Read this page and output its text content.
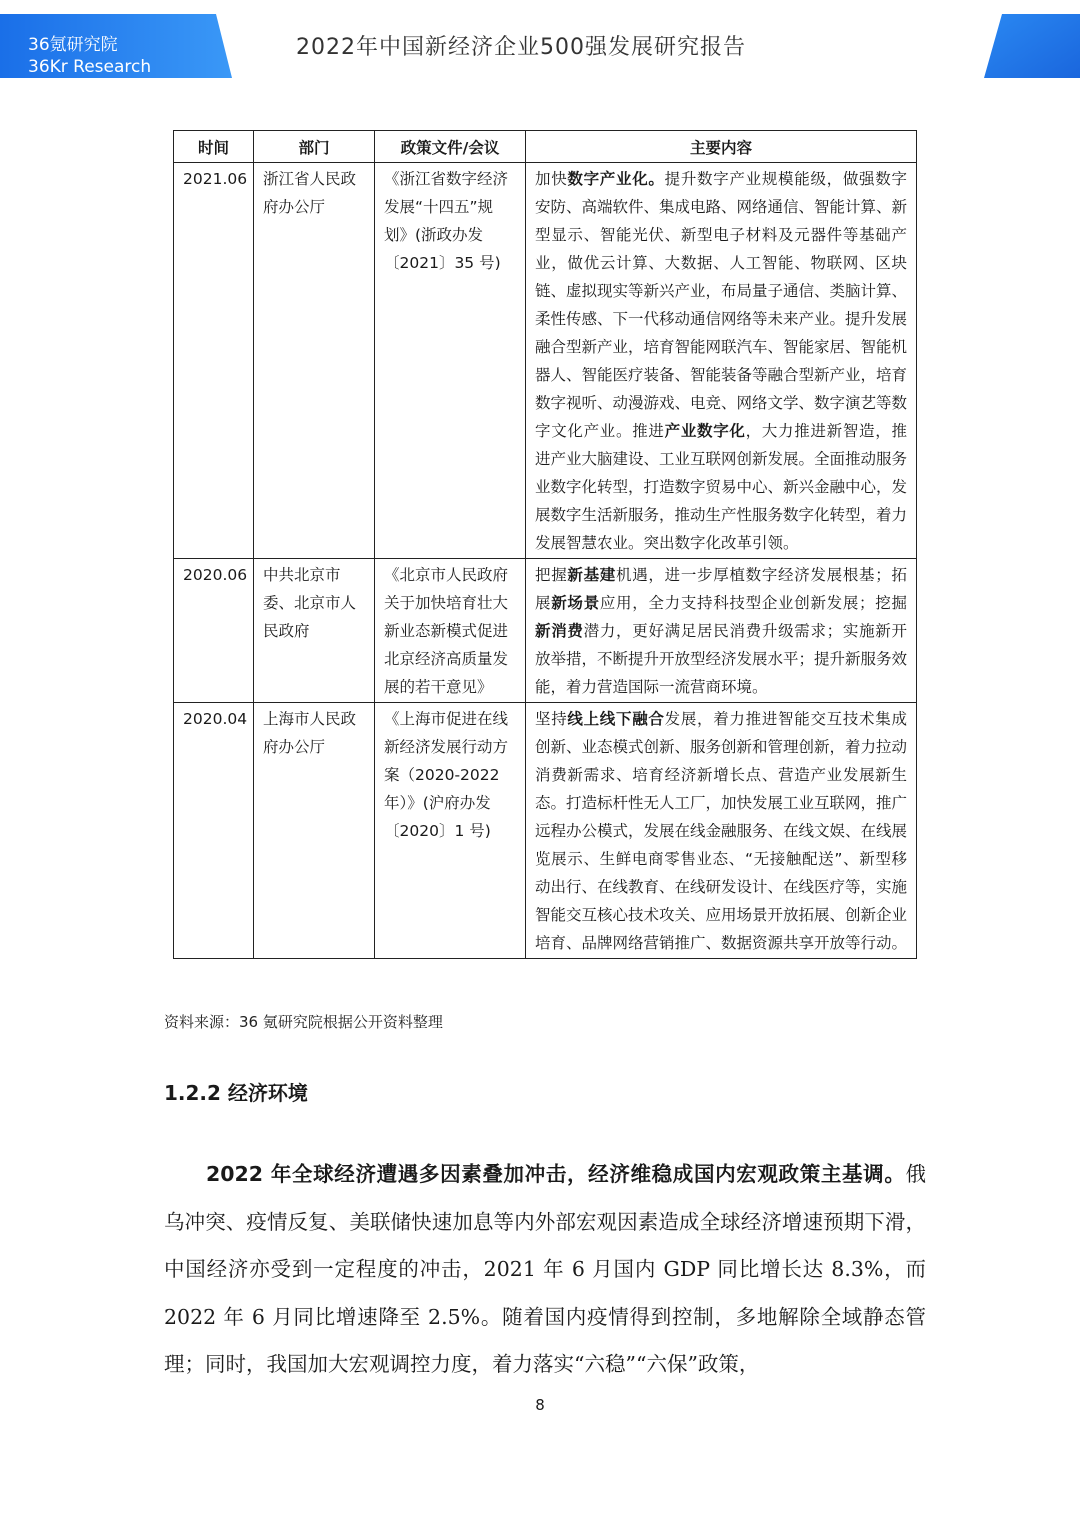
36氪研究院
36Kr Research
2022年中国新经济企业500强发展研究报告
时间	部门	政策文件/会议	主要内容
2021.06	浙江省人民政府办公厅	《浙江省数字经济发展“十四五”规划》(浙政办发〔2021〕35 号)	加快数字产业化。提升数字产业规模能级，做强数字安防、高端软件、集成电路、网络通信、智能计算、新型显示、智能光伏、新型电子材料及元器件等基础产业，做优云计算、大数据、人工智能、物联网、区块链、虚拟现实等新兴产业，布局量子通信、类脑计算、柔性传感、下一代移动通信网络等未来产业。提升发展融合型新产业，培育智能网联汽车、智能家居、智能机器人、智能医疗装备、智能装备等融合型新产业，培育数字视听、动漫游戏、电竞、网络文学、数字演艺等数字文化产业。推进产业数字化，大力推进新智造，推进产业大脑建设、工业互联网创新发展。全面推动服务业数字化转型，打造数字贸易中心、新兴金融中心，发展数字生活新服务，推动生产性服务数字化转型，着力发展智慧农业。突出数字化改革引领。
2020.06	中共北京市委、北京市人民政府	《北京市人民政府关于加快培育壮大新业态新模式促进北京经济高质量发展的若干意见》	把握新基建机遇，进一步厚植数字经济发展根基；拓展新场景应用，全力支持科技型企业创新发展；挖掘新消费潜力，更好满足居民消费升级需求；实施新开放举措，不断提升开放型经济发展水平；提升新服务效能，着力营造国际一流营商环境。
2020.04	上海市人民政府办公厅	《上海市促进在线新经济发展行动方案（2020-2022 年）》(沪府办发〔2020〕1 号)	坚持线上线下融合发展，着力推进智能交互技术集成创新、业态模式创新、服务创新和管理创新，着力拉动消费新需求、培育经济新增长点、营造产业发展新生态。打造标杆性无人工厂，加快发展工业互联网，推广远程办公模式，发展在线金融服务、在线文娱、在线展览展示、生鲜电商零售业态、“无接触配送”、新型移动出行、在线教育、在线研发设计、在线医疗等，实施智能交互核心技术攻关、应用场景开放拓展、创新企业培育、品牌网络营销推广、数据资源共享开放等行动。
资料来源：36 氪研究院根据公开资料整理
1.2.2 经济环境
2022 年全球经济遭遇多因素叠加冲击，经济维稳成国内宏观政策主基调。俄乌冲突、疫情反复、美联储快速加息等内外部宏观因素造成全球经济增速预期下滑，中国经济亦受到一定程度的冲击，2021 年 6 月国内 GDP 同比增长达 8.3%，而 2022 年 6 月同比增速降至 2.5%。随着国内疫情得到控制，多地解除全域静态管理；同时，我国加大宏观调控力度，着力落实“六稳”“六保”政策，
8
